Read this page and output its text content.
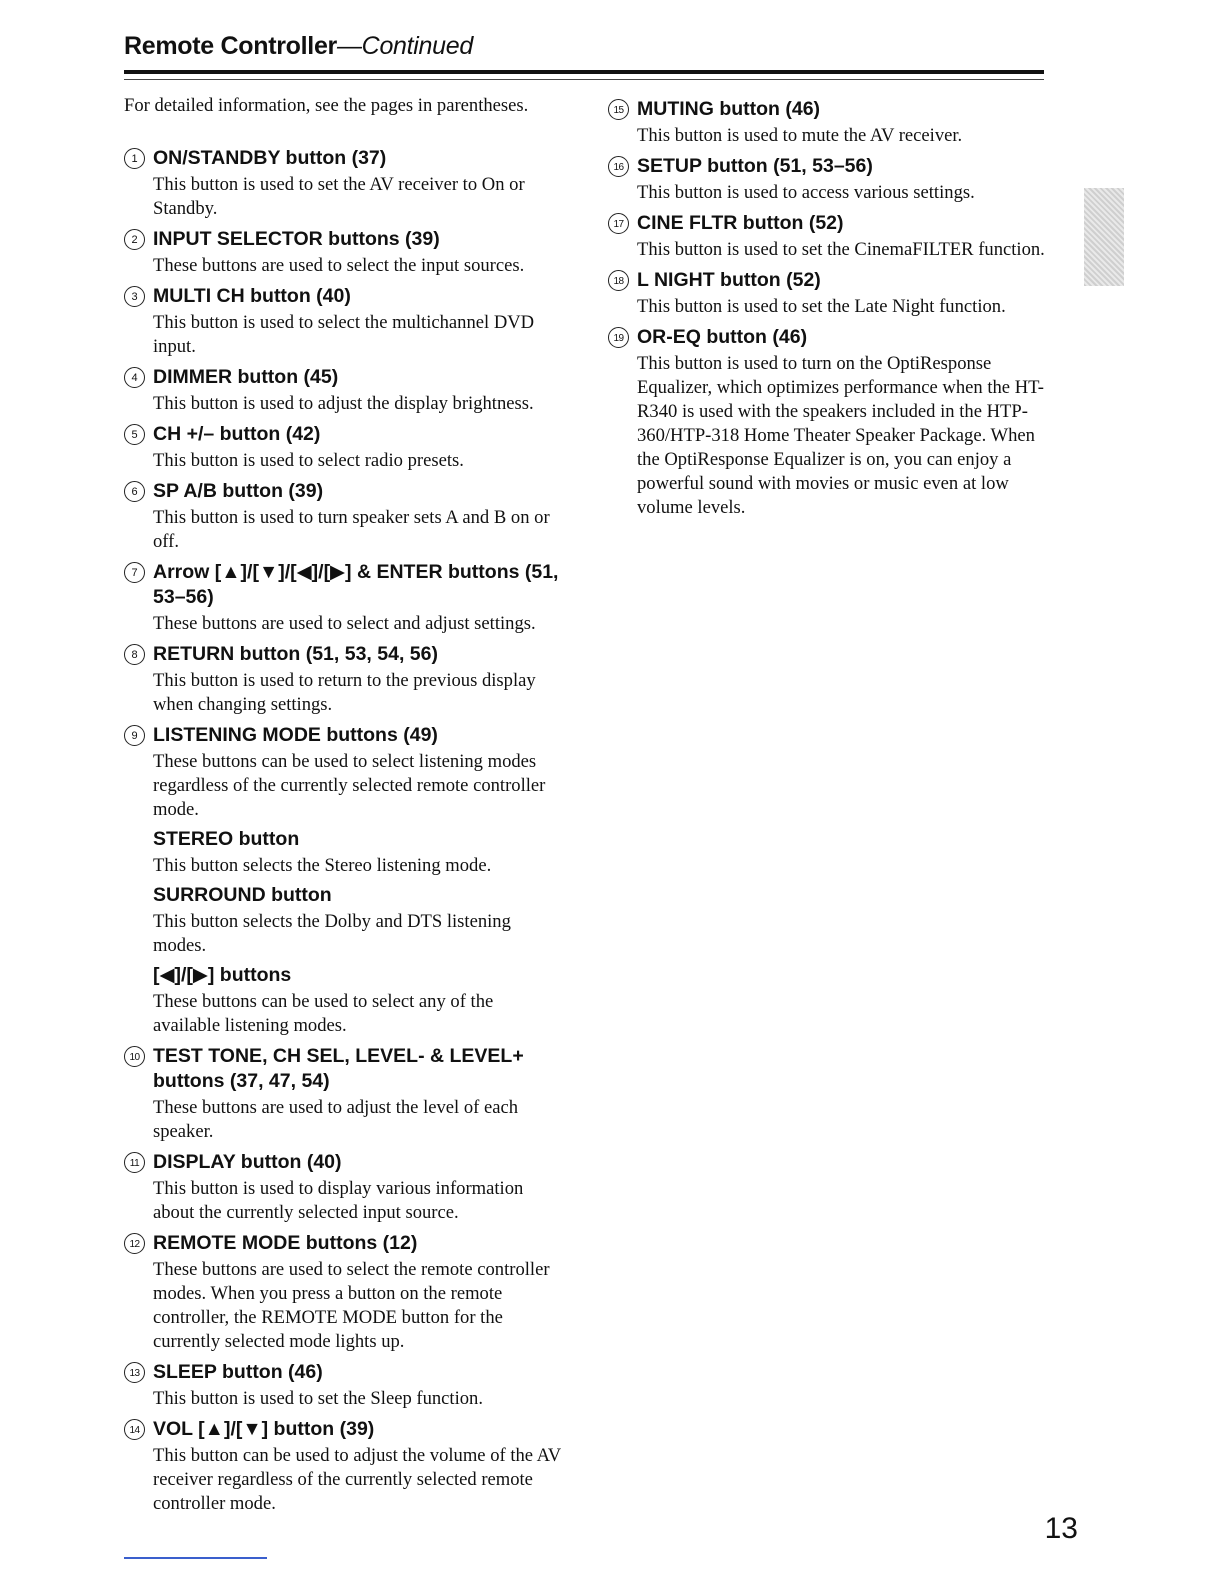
Remote Controller—Continued

For detailed information, see the pages in parentheses.

1 ON/STANDBY button (37)
This button is used to set the AV receiver to On or Standby.
2 INPUT SELECTOR buttons (39)
These buttons are used to select the input sources.
3 MULTI CH button (40)
This button is used to select the multichannel DVD input.
4 DIMMER button (45)
This button is used to adjust the display brightness.
5 CH +/– button (42)
This button is used to select radio presets.
6 SP A/B button (39)
This button is used to turn speaker sets A and B on or off.
7 Arrow [▲]/[▼]/[◀]/[▶] & ENTER buttons (51, 53–56)
These buttons are used to select and adjust settings.
8 RETURN button (51, 53, 54, 56)
This button is used to return to the previous display when changing settings.
9 LISTENING MODE buttons (49)
These buttons can be used to select listening modes regardless of the currently selected remote controller mode.
STEREO button
This button selects the Stereo listening mode.
SURROUND button
This button selects the Dolby and DTS listening modes.
[◀]/[▶] buttons
These buttons can be used to select any of the available listening modes.
10 TEST TONE, CH SEL, LEVEL- & LEVEL+ buttons (37, 47, 54)
These buttons are used to adjust the level of each speaker.
11 DISPLAY button (40)
This button is used to display various information about the currently selected input source.
12 REMOTE MODE buttons (12)
These buttons are used to select the remote controller modes. When you press a button on the remote controller, the REMOTE MODE button for the currently selected mode lights up.
13 SLEEP button (46)
This button is used to set the Sleep function.
14 VOL [▲]/[▼] button (39)
This button can be used to adjust the volume of the AV receiver regardless of the currently selected remote controller mode.
15 MUTING button (46)
This button is used to mute the AV receiver.
16 SETUP button (51, 53–56)
This button is used to access various settings.
17 CINE FLTR button (52)
This button is used to set the CinemaFILTER function.
18 L NIGHT button (52)
This button is used to set the Late Night function.
19 OR-EQ button (46)
This button is used to turn on the OptiResponse Equalizer, which optimizes performance when the HT-R340 is used with the speakers included in the HTP-360/HTP-318 Home Theater Speaker Package. When the OptiResponse Equalizer is on, you can enjoy a powerful sound with movies or music even at low volume levels.
13
